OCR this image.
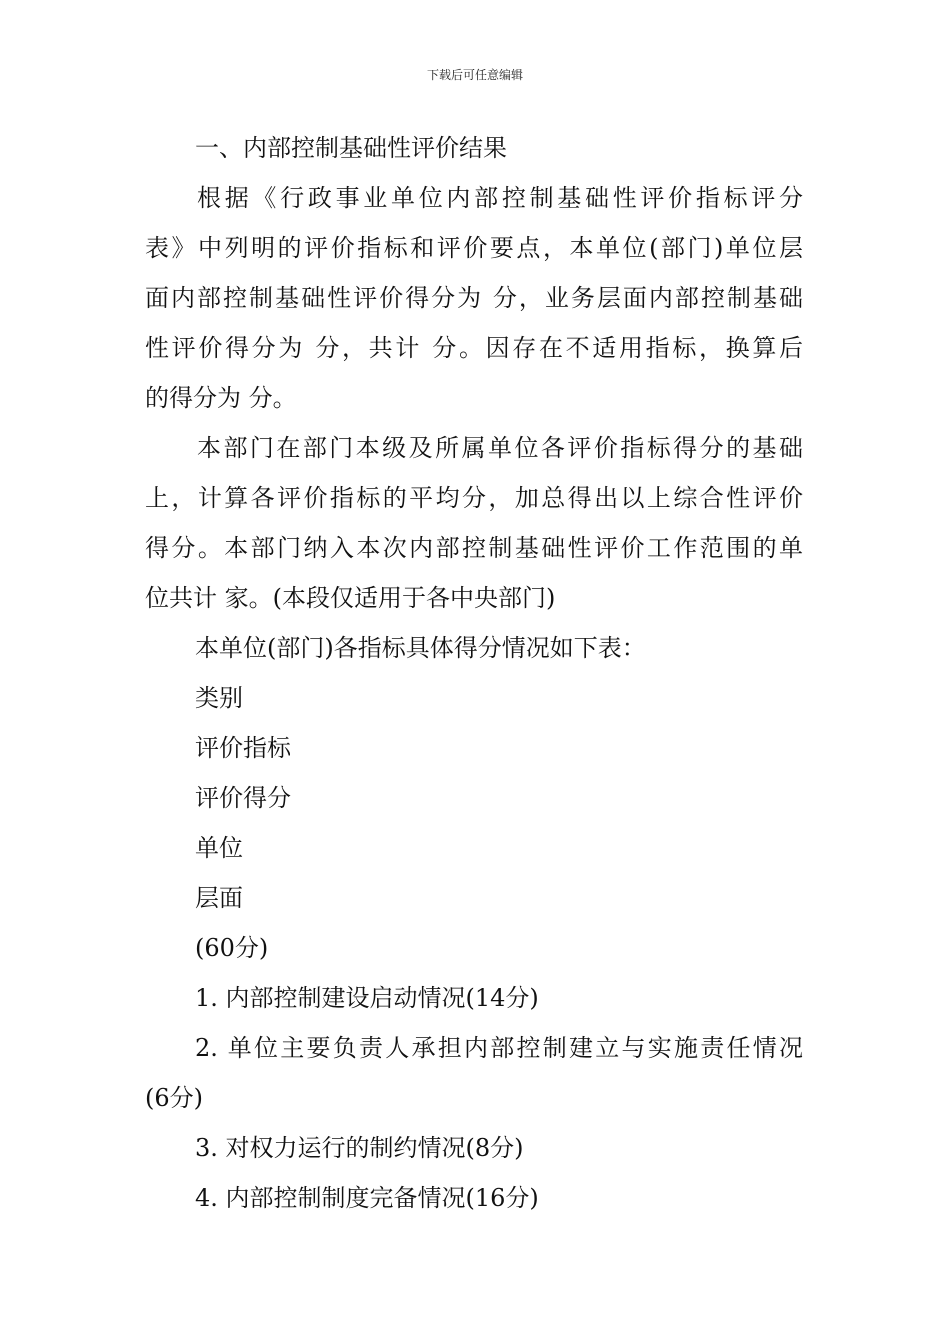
下载后可任意编辑
一、内部控制基础性评价结果
根据《行政事业单位内部控制基础性评价指标评分
表》中列明的评价指标和评价要点，本单位(部门)单位层
面内部控制基础性评价得分为 分，业务层面内部控制基础
性评价得分为 分，共计 分。因存在不适用指标，换算后
的得分为 分。
本部门在部门本级及所属单位各评价指标得分的基础
上，计算各评价指标的平均分，加总得出以上综合性评价
得分。本部门纳入本次内部控制基础性评价工作范围的单
位共计 家。(本段仅适用于各中央部门)
本单位(部门)各指标具体得分情况如下表：
类别
评价指标
评价得分
单位
层面
(60分)
1. 内部控制建设启动情况(14分)
2. 单位主要负责人承担内部控制建立与实施责任情况
(6分)
3. 对权力运行的制约情况(8分)
4. 内部控制制度完备情况(16分)
